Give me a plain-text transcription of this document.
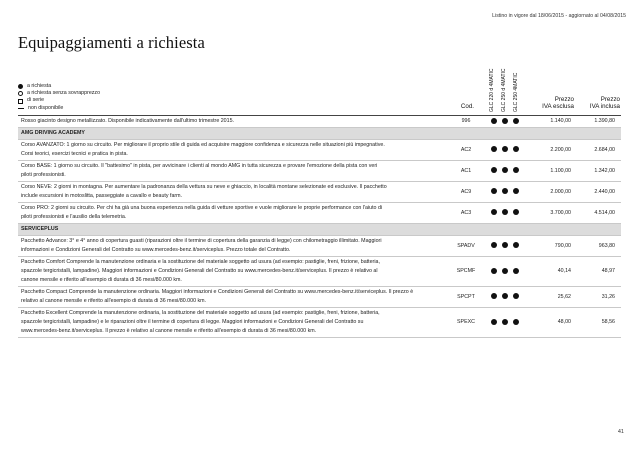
Listino in vigore dal 18/06/2015 - aggiornato al 04/08/2015
Equipaggiamenti a richiesta
a richiesta
a richiesta senza sovrapprezzo
di serie
non disponibile	GLC 220 d 4MATIC GLC 250 d 4MATIC GLC 250 4MATIC
Cod.
Prezzo
IVA esclusa
Prezzo
IVA inclusa
Rosso giacinto designo metallizzato. Disponibile indicativamente dall'ultimo trimestre 2015.	996		1.140,00	1.390,80
AMG DRIVING ACADEMY				

Corso AVANZATO: 1 giorno su circuito. Per migliorare il proprio stile di guida ed acquisire maggiore confidenza e sicurezza nelle situazioni più impegnative.
Corsi teorici, esercizi tecnici e pratica in pista.	AC2		2.200,00	2.684,00

Corso BASE: 1 giorno su circuito. Il "battesimo" in pista, per avvicinare i clienti al mondo AMG in tutta sicurezza e provare l'emozione della pista con veri
piloti professionisti.	AC1		1.100,00	1.342,00

Corso NEVE: 2 giorni in montagna. Per aumentare la padronanza della vettura su neve e ghiaccio, in località montane selezionate ed esclusive. Il pacchetto
include escursioni in motoslitta, passeggiate a cavallo e beauty farm.	AC9		2.000,00	2.440,00

Corso PRO: 2 giorni su circuito. Per chi ha già una buona esperienza nella guida di vetture sportive e vuole migliorare le proprie performance con l'aiuto di
piloti professionisti e l'ausilio della telemetria.	AC3		3.700,00	4.514,00
SERVICEPLUS				

Pacchetto Advance: 3° e 4° anno di copertura guasti (riparazioni oltre il termine di copertura della garanzia di legge) con chilometraggio illimitato. Maggiori
informazioni e Condizioni Generali del Contratto su www.mercedes-benz.it/serviceplus. Prezzo totale del Contratto.	SPADV		790,00	963,80

Pacchetto Comfort Comprende la manutenzione ordinaria e la sostituzione del materiale soggetto ad usura (ad esempio: pastiglie, freni, frizione, batteria,
spazzole tergicristalli, lampadine). Maggiori informazioni e Condizioni Generali del Contratto su www.mercedes-benz.it/serviceplus. Il prezzo è relativo al
canone mensile e riferito all'esempio di durata di 36 mesi/80.000 km.	SPCMF		40,14	48,97

Pacchetto Compact Comprende la manutenzione ordinaria. Maggiori informazioni e Condizioni Generali del Contratto su www.mercedes-benz.it/serviceplus. Il prezzo è
relativo al canone mensile e riferito all'esempio di durata di 36 mesi/80.000 km.	SPCPT		25,62	31,26

Pacchetto Excellent Comprende la manutenzione ordinaria, la sostituzione del materiale soggetto ad usura (ad esempio: pastiglie, freni, frizione, batteria,
spazzole tergicristalli, lampadine) e le riparazioni oltre il termine di copertura di legge. Maggiori informazioni e Condizioni Generali del Contratto su
www.mercedes-benz.it/serviceplus. Il prezzo è relativo al canone mensile e riferito all'esempio di durata di 36 mesi/80.000 km.	SPEXC		48,00	58,56
41
